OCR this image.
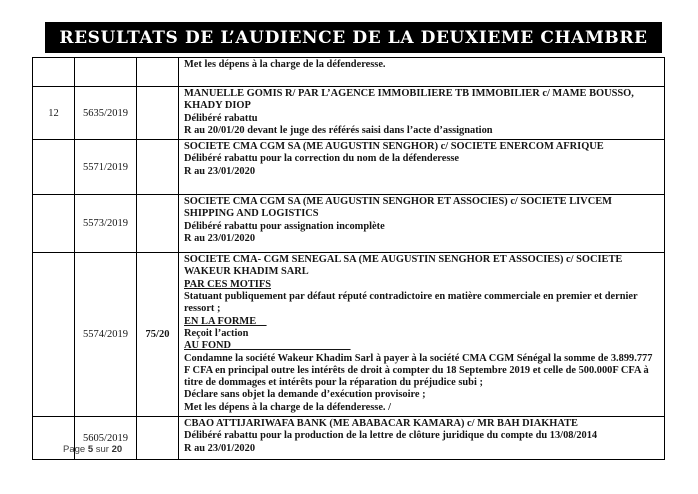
RESULTATS DE L’AUDIENCE DE LA DEUXIEME CHAMBRE

			Met les dépens à la charge de la défenderesse.

12	5635/2019		MANUELLE GOMIS R/ PAR L’AGENCE IMMOBILIERE TB IMMOBILIER c/ MAME BOUSSO, KHADY DIOP
Délibéré rabattu
R au 20/01/20 devant le juge des référés saisi dans l’acte d’assignation

	5571/2019		SOCIETE CMA CGM SA (ME AUGUSTIN SENGHOR) c/ SOCIETE ENERCOM AFRIQUE
Délibéré rabattu pour la correction du nom de la défenderesse
R au 23/01/2020

	5573/2019		SOCIETE CMA CGM SA (ME AUGUSTIN SENGHOR ET ASSOCIES) c/ SOCIETE LIVCEM SHIPPING AND LOGISTICS
Délibéré rabattu pour assignation incomplète
R au 23/01/2020

	5574/2019	75/20	
SOCIETE CMA- CGM SENEGAL SA (ME AUGUSTIN SENGHOR ET ASSOCIES) c/ SOCIETE WAKEUR KHADIM SARL
PAR CES MOTIFS
Statuant publiquement par défaut réputé contradictoire en matière commerciale en premier et dernier ressort ;
EN LA FORME
Reçoit l’action
AU FOND
Condamne la société Wakeur Khadim Sarl à payer à la société CMA CGM Sénégal la somme de 3.899.777 F CFA en principal outre les intérêts de droit à compter du 18 Septembre 2019 et celle de 500.000F CFA à titre de dommages et intérêts pour la réparation du préjudice subi ;
Déclare sans objet la demande d’exécution provisoire ;
Met les dépens à la charge de la défenderesse. /

	5605/2019		CBAO ATTIJARIWAFA BANK (ME ABABACAR KAMARA) c/ MR BAH DIAKHATE
Délibéré rabattu pour la production de la lettre de clôture juridique du compte du 13/08/2014
R au 23/01/2020
Page 5 sur 20
